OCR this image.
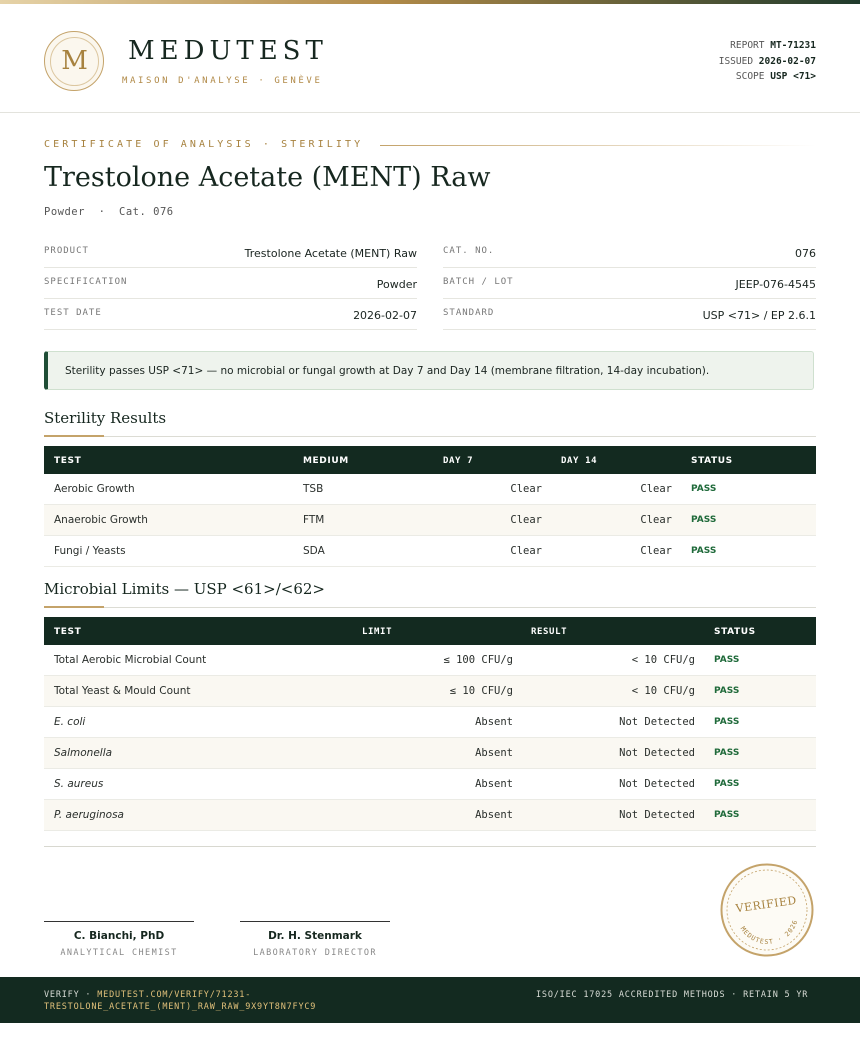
M	MEDUTEST
MAISON D'ANALYSE · GENÈVE
REPORT MT-71231
ISSUED 2026-02-07
SCOPE USP <71>
CERTIFICATE OF ANALYSIS · STERILITY
Trestolone Acetate (MENT) Raw
Powder  ·  Cat. 076
PRODUCT	Trestolone Acetate (MENT) Raw
SPECIFICATION	Powder
TEST DATE	2026-02-07
CAT. NO.	076
BATCH / LOT	JEEP-076-4545
STANDARD	USP <71> / EP 2.6.1
Sterility passes USP <71> — no microbial or fungal growth at Day 7 and Day 14 (membrane filtration, 14-day incubation).
Sterility Results
TEST	MEDIUM	DAY 7	DAY 14	STATUS
Aerobic Growth	TSB	Clear	Clear PASS
Anaerobic Growth	FTM	Clear	Clear PASS
Fungi / Yeasts	SDA	Clear	Clear PASS
Microbial Limits — USP <61>/<62>
TEST	LIMIT	RESULT	STATUS
Total Aerobic Microbial Count	≤ 100 CFU/g	< 10 CFU/g PASS
Total Yeast & Mould Count	≤ 10 CFU/g	< 10 CFU/g PASS
E. coli	Absent	Not Detected PASS
Salmonella	Absent	Not Detected PASS
S. aureus	Absent	Not Detected PASS
P. aeruginosa	Absent	Not Detected PASS
C. Bianchi, PhD
ANALYTICAL CHEMIST
Dr. H. Stenmark
LABORATORY DIRECTOR
VERIFIED
MEDUTEST · 2026
VERIFY · MEDUTEST.COM/VERIFY/71231-
TRESTOLONE_ACETATE_(MENT)_RAW_RAW_9X9YT8N7FYC9
ISO/IEC 17025 ACCREDITED METHODS · RETAIN 5 YR
